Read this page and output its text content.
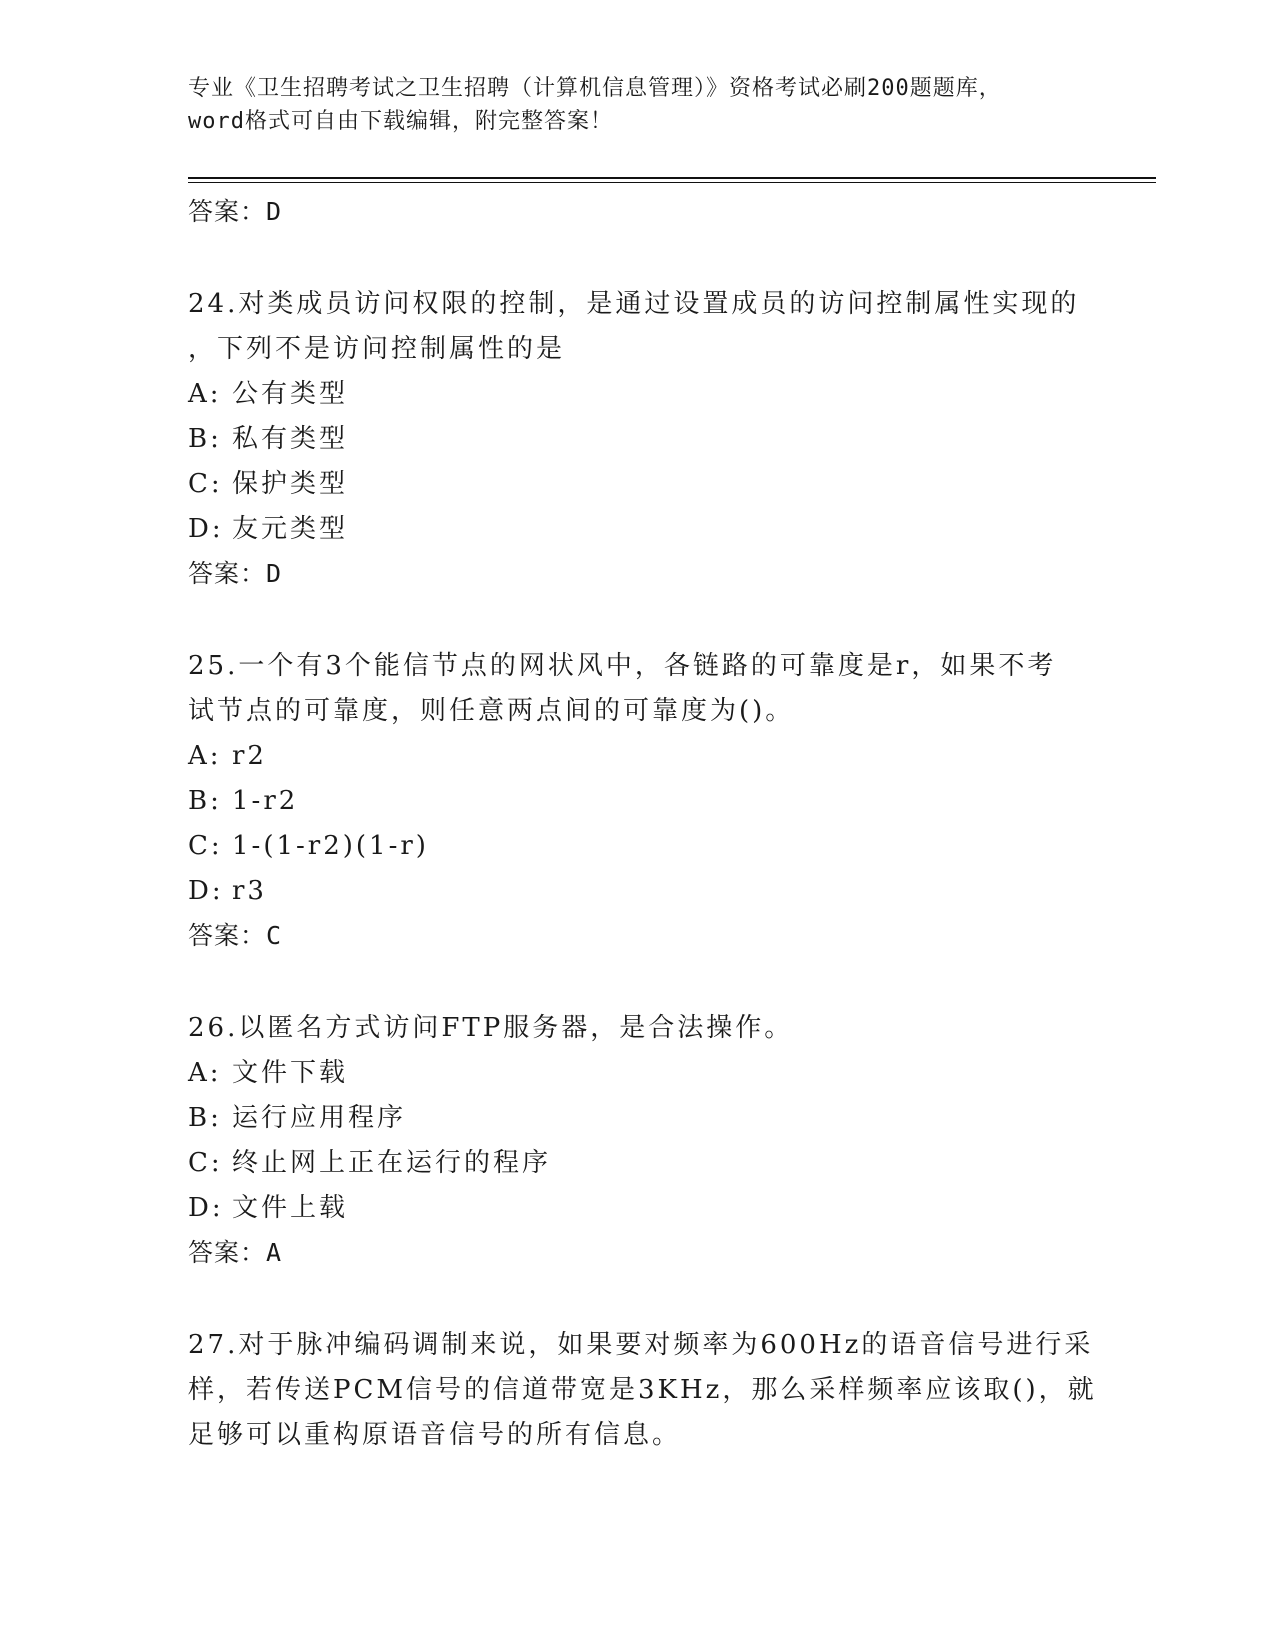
专业《卫生招聘考试之卫生招聘（计算机信息管理）》资格考试必刷200题题库，
word格式可自由下载编辑，附完整答案！
答案：D
24.对类成员访问权限的控制，是通过设置成员的访问控制属性实现的
，下列不是访问控制属性的是
A: 公有类型
B: 私有类型
C: 保护类型
D: 友元类型
答案：D
25.一个有3个能信节点的网状风中，各链路的可靠度是r，如果不考
试节点的可靠度，则任意两点间的可靠度为()。
A: r2
B: 1-r2
C: 1-(1-r2)(1-r)
D: r3
答案：C
26.以匿名方式访问FTP服务器，是合法操作。
A: 文件下载
B: 运行应用程序
C: 终止网上正在运行的程序
D: 文件上载
答案：A
27.对于脉冲编码调制来说，如果要对频率为600Hz的语音信号进行采
样，若传送PCM信号的信道带宽是3KHz，那么采样频率应该取()，就
足够可以重构原语音信号的所有信息。
